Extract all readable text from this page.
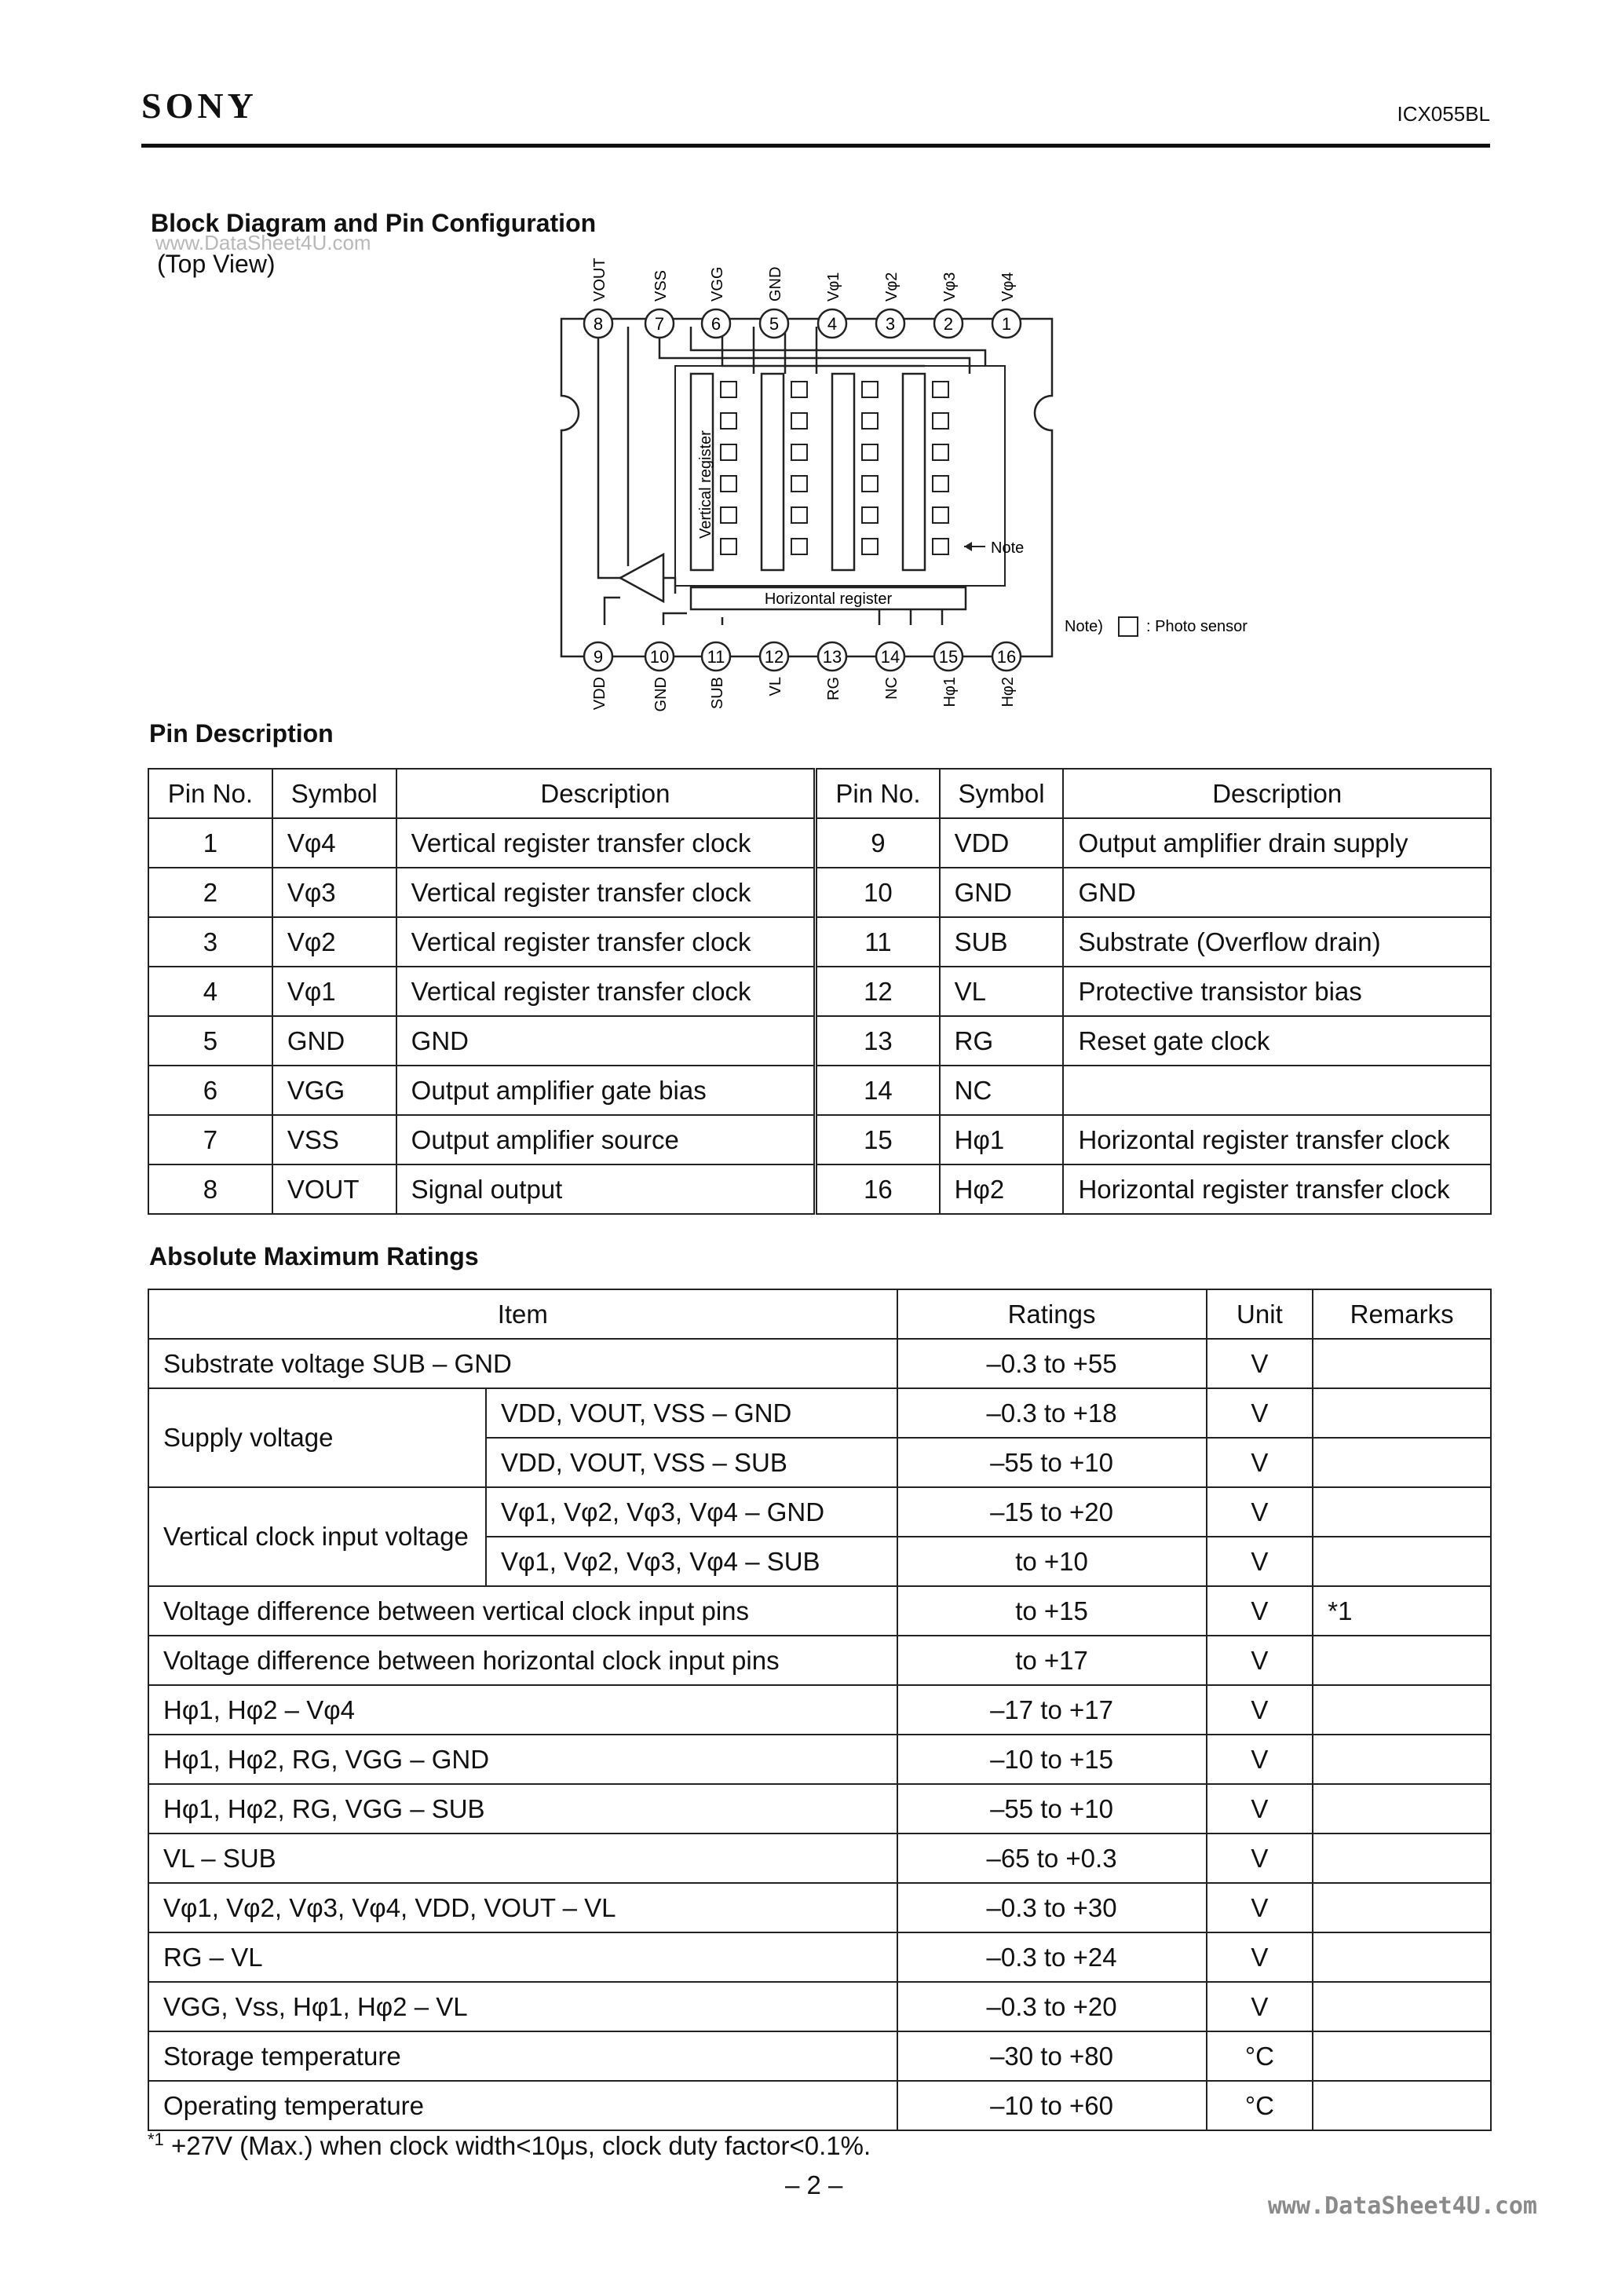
SONY	ICX055BL
Block Diagram and Pin Configuration
www.DataSheet4U.com
(Top View)
8	7	6	5	4	3	2	1
VOUT	VSS	VGG	GND	Vφ1	Vφ2	Vφ3	Vφ4
9	10 11 12 13 14 15 16
VDD	GND	SUB	VL	RG	NC	Hφ1	Hφ2
Vertical register
Horizontal register
Note
Note)	: Photo sensor
Pin Description
Pin No.	Symbol	Description	Pin No.	Symbol	Description
1	Vφ4	Vertical register transfer clock	9	VDD	Output amplifier drain supply
2	Vφ3	Vertical register transfer clock	10	GND	GND
3	Vφ2	Vertical register transfer clock	11	SUB	Substrate (Overflow drain)
4	Vφ1	Vertical register transfer clock	12	VL	Protective transistor bias
5	GND	GND	13	RG	Reset gate clock
6	VGG	Output amplifier gate bias	14	NC	
7	VSS	Output amplifier source	15	Hφ1	Horizontal register transfer clock
8	VOUT	Signal output	16	Hφ2	Horizontal register transfer clock
Absolute Maximum Ratings
Item		Ratings	Unit	Remarks
Substrate voltage SUB – GND		–0.3 to +55	V	
Supply voltage	VDD, VOUT, VSS – GND	–0.3 to +18	V	
	VDD, VOUT, VSS – SUB	–55 to +10	V	
Vertical clock input voltage	Vφ1, Vφ2, Vφ3, Vφ4 – GND	–15 to +20	V	
	Vφ1, Vφ2, Vφ3, Vφ4 – SUB	to +10	V	
Voltage difference between vertical clock input pins		to +15	V	*1
Voltage difference between horizontal clock input pins		to +17	V	
Hφ1, Hφ2 – Vφ4		–17 to +17	V	
Hφ1, Hφ2, RG, VGG – GND		–10 to +15	V	
Hφ1, Hφ2, RG, VGG – SUB		–55 to +10	V	
VL – SUB		–65 to +0.3	V	
Vφ1, Vφ2, Vφ3, Vφ4, VDD, VOUT – VL		–0.3 to +30	V	
RG – VL		–0.3 to +24	V	
VGG, Vss, Hφ1, Hφ2 – VL		–0.3 to +20	V	
Storage temperature		–30 to +80	°C	
Operating temperature		–10 to +60	°C	
$^{*1}$ +27V (Max.) when clock width<10μs, clock duty factor<0.1%.
– 2 –
www.DataSheet4U.com
